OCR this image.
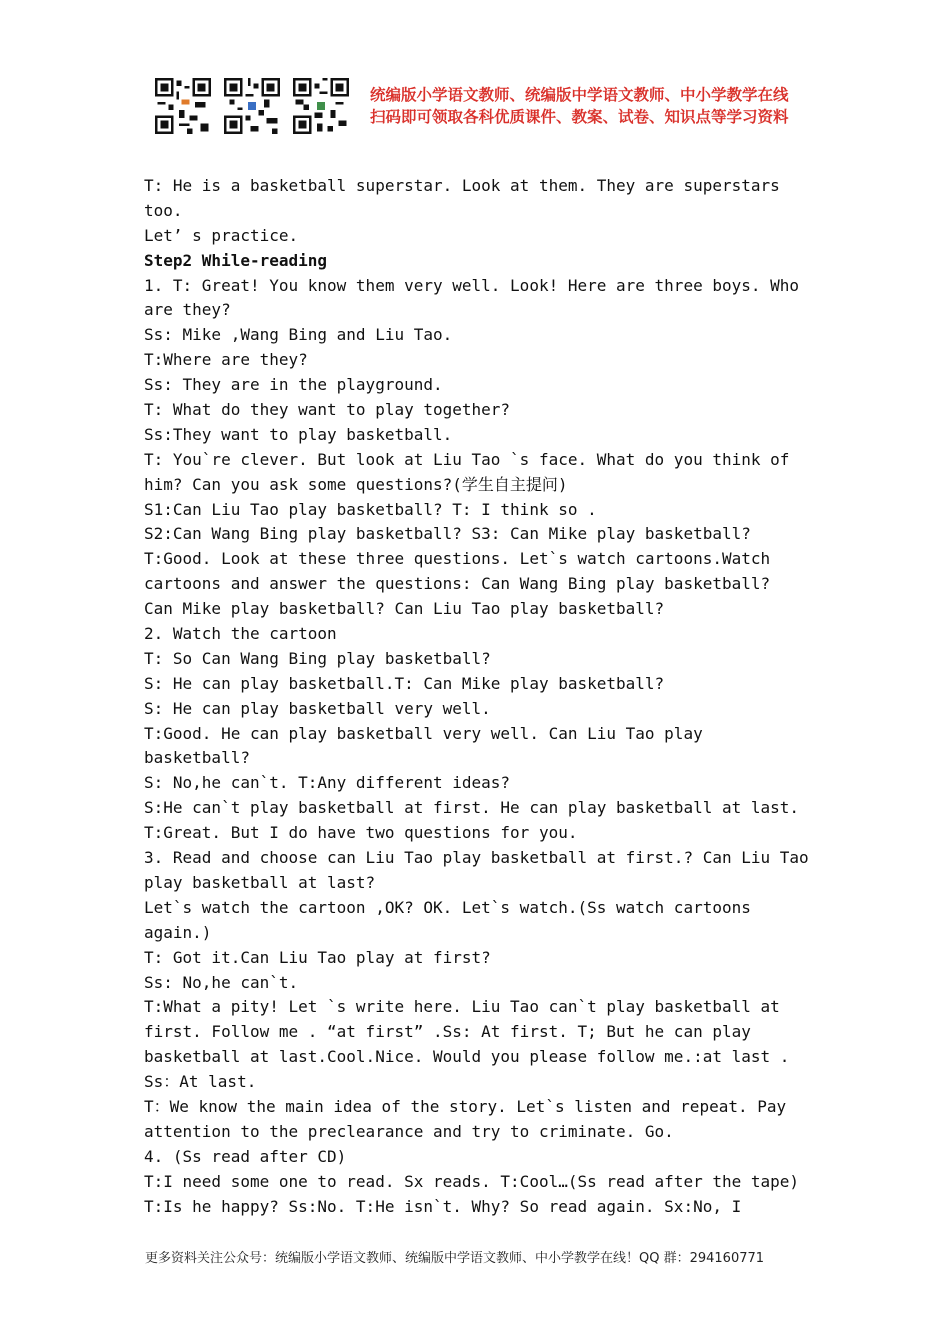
统编版小学语文教师、统编版中学语文教师、中小学教学在线
扫码即可领取各科优质课件、教案、试卷、知识点等学习资料
T: He is a basketball superstar. Look at them. They are superstars
too.
Let’ s practice.
Step2 While-reading
1. T: Great! You know them very well. Look! Here are three boys. Who
are they?
Ss: Mike ,Wang Bing and Liu Tao.
T:Where are they?
Ss: They are in the playground.
T: What do they want to play together?
Ss:They want to play basketball.
T: You`re clever. But look at Liu Tao `s face. What do you think of
him? Can you ask some questions?(学生自主提问)
S1:Can Liu Tao play basketball? T: I think so .
S2:Can Wang Bing play basketball? S3: Can Mike play basketball?
T:Good. Look at these three questions. Let`s watch cartoons.Watch
cartoons and answer the questions: Can Wang Bing play basketball?
Can Mike play basketball? Can Liu Tao play basketball?
2. Watch the cartoon
T: So Can Wang Bing play basketball?
S: He can play basketball.T: Can Mike play basketball?
S: He can play basketball very well.
T:Good. He can play basketball very well. Can Liu Tao play
basketball?
S: No,he can`t. T:Any different ideas?
S:He can`t play basketball at first. He can play basketball at last.
T:Great. But I do have two questions for you.
3. Read and choose can Liu Tao play basketball at first.? Can Liu Tao
play basketball at last?
Let`s watch the cartoon ,OK? OK. Let`s watch.(Ss watch cartoons
again.)
T: Got it.Can Liu Tao play at first?
Ss: No,he can`t.
T:What a pity! Let `s write here. Liu Tao can`t play basketball at
first. Follow me . “at first” .Ss: At first. T; But he can play
basketball at last.Cool.Nice. Would you please follow me.:at last .
Ss：At last.
T：We know the main idea of the story. Let`s listen and repeat. Pay
attention to the preclearance and try to criminate. Go.
4. (Ss read after CD)
T:I need some one to read. Sx reads. T:Cool…(Ss read after the tape)
T:Is he happy? Ss:No. T:He isn`t. Why? So read again. Sx:No, I
更多资料关注公众号：统编版小学语文教师、统编版中学语文教师、中小学教学在线！QQ 群：294160771
